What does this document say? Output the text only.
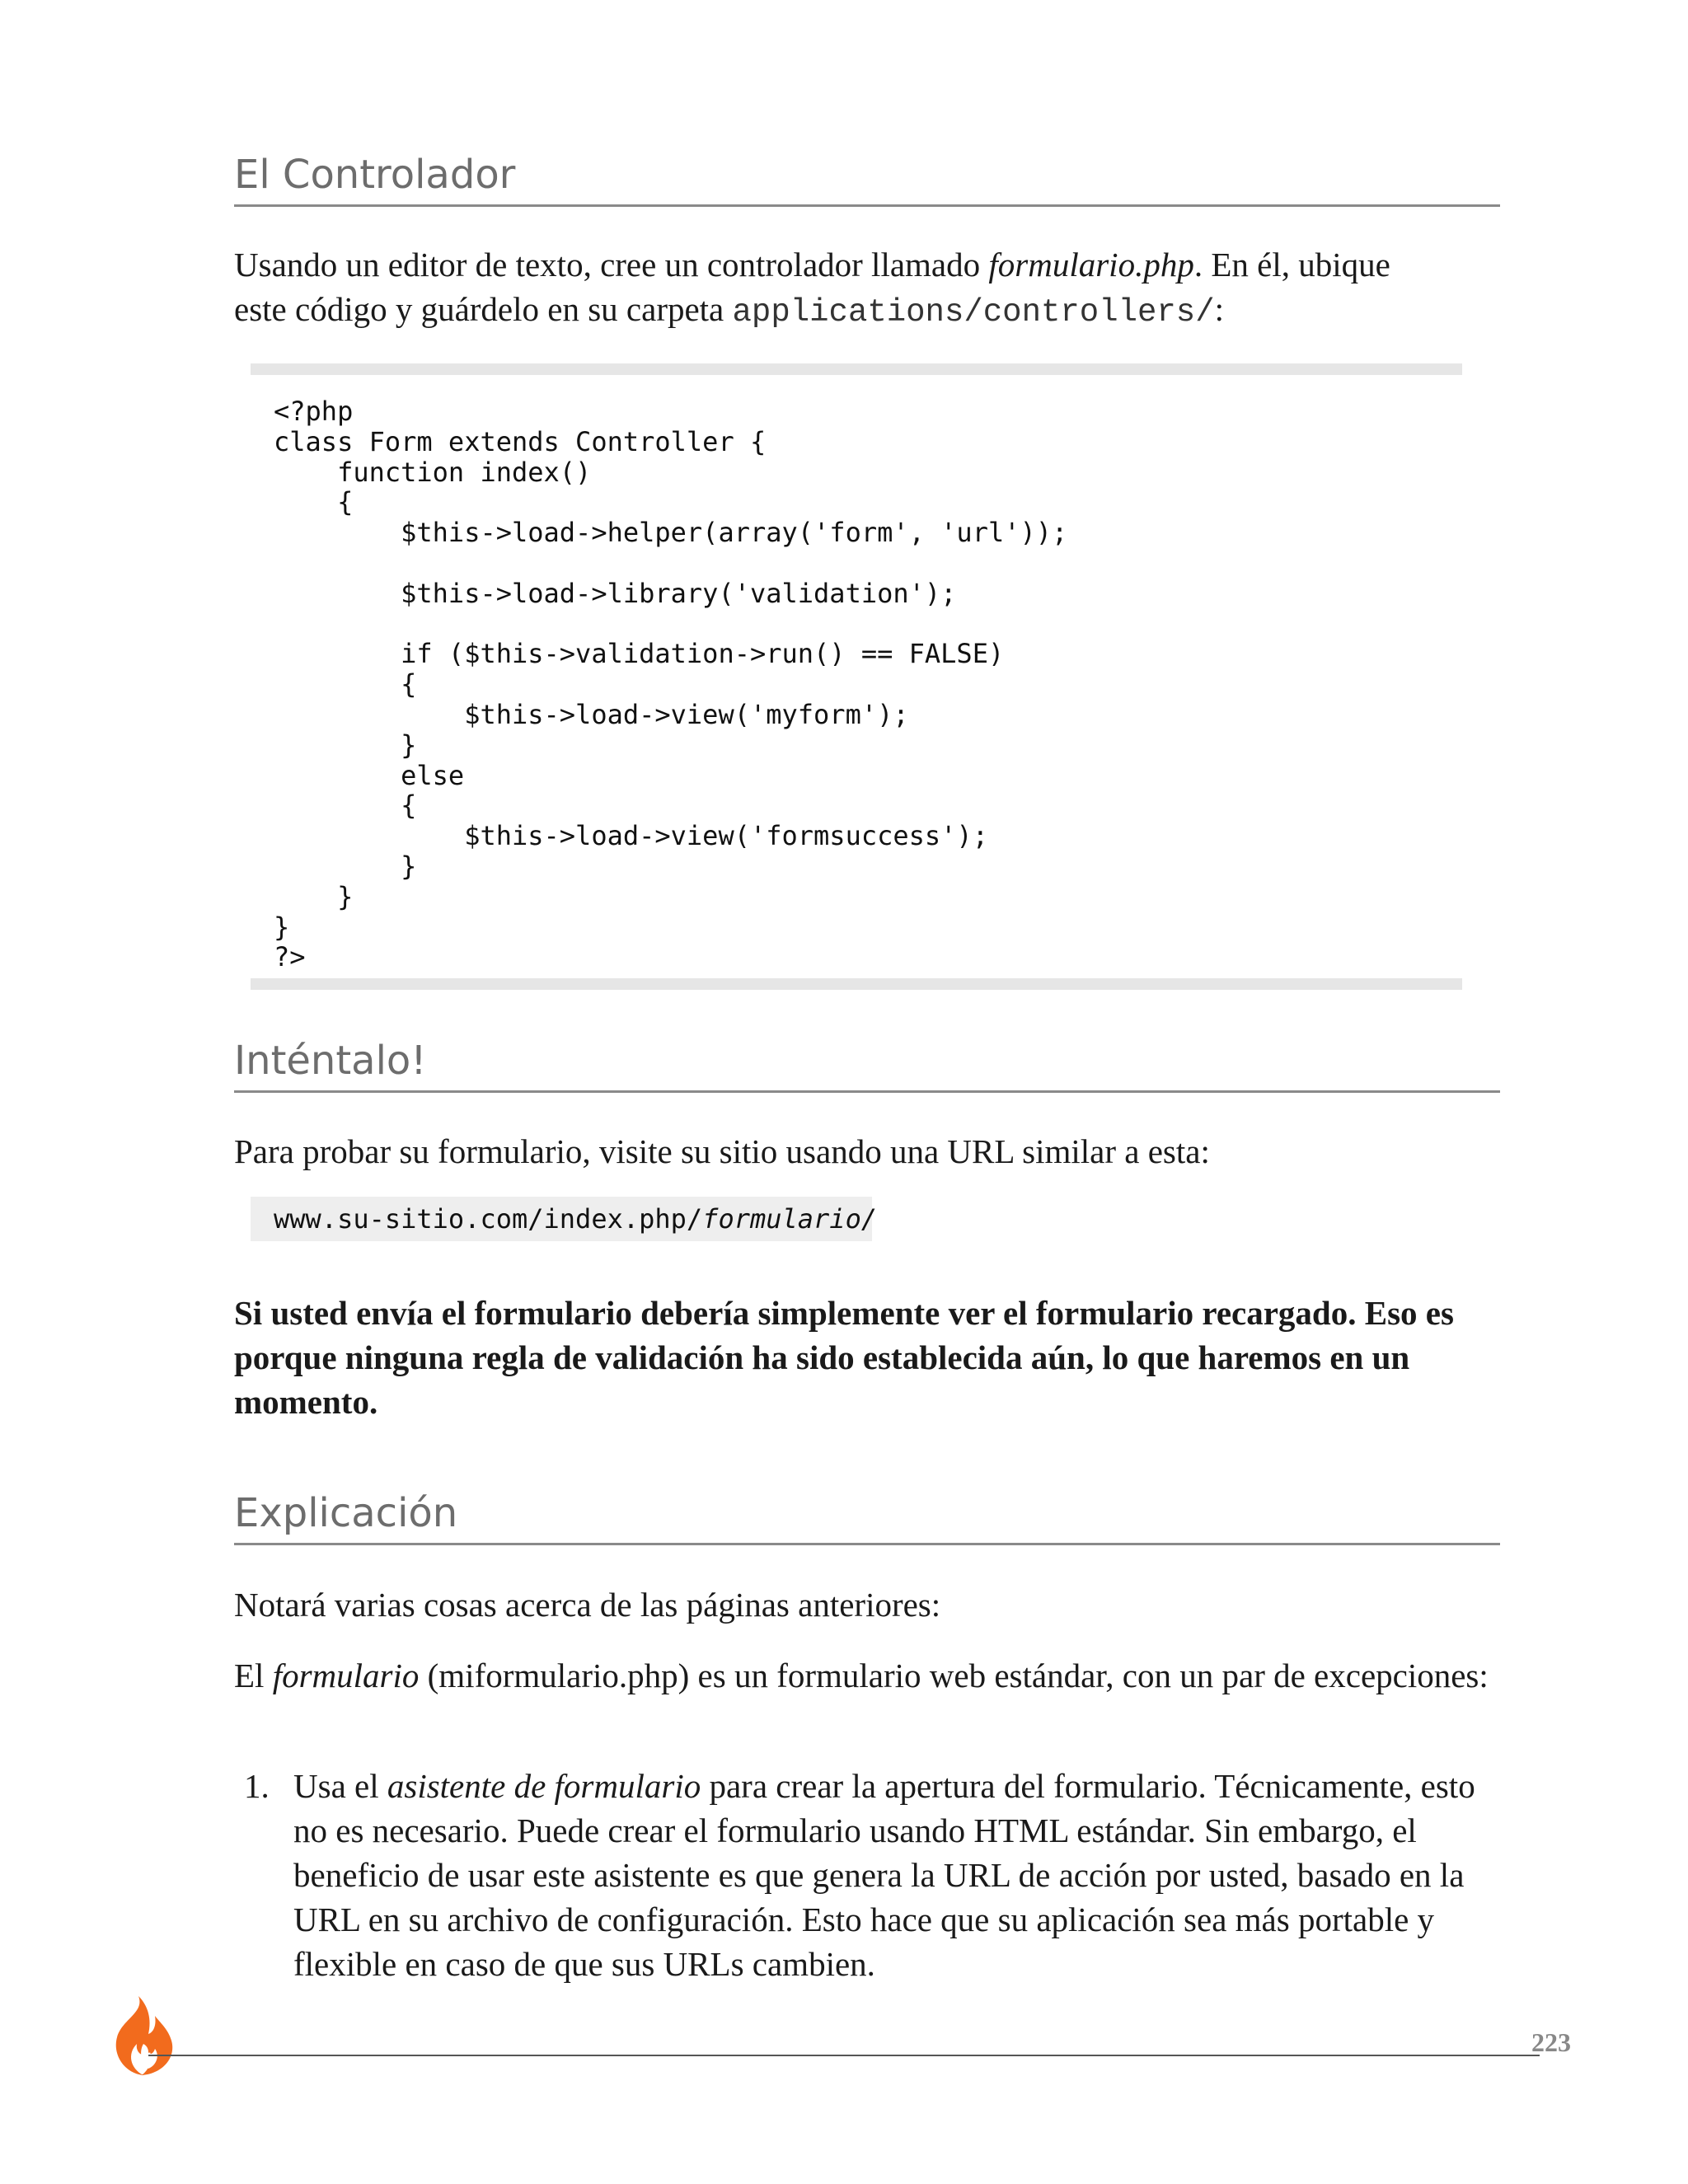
El Controlador
Usando un editor de texto, cree un controlador llamado formulario.php. En él, ubique
este código y guárdelo en su carpeta applications/controllers/:
<?php
class Form extends Controller {
function index()
{
$this->load->helper(array('form', 'url'));

$this->load->library('validation');

if ($this->validation->run() == FALSE)
{
$this->load->view('myform');
}
else
{
$this->load->view('formsuccess');
}
}
}
?>
Inténtalo!
Para probar su formulario, visite su sitio usando una URL similar a esta:
www.su-sitio.com/index.php/formulario/
Si usted envía el formulario debería simplemente ver el formulario recargado. Eso es porque ninguna regla de validación ha sido establecida aún, lo que haremos en un momento.
Explicación
Notará varias cosas acerca de las páginas anteriores:
El formulario (miformulario.php) es un formulario web estándar, con un par de excepciones:
1. Usa el asistente de formulario para crear la apertura del formulario. Técnicamente, esto no es necesario. Puede crear el formulario usando HTML estándar. Sin embargo, el beneficio de usar este asistente es que genera la URL de acción por usted, basado en la URL en su archivo de configuración. Esto hace que su aplicación sea más portable y flexible en caso de que sus URLs cambien.
223
